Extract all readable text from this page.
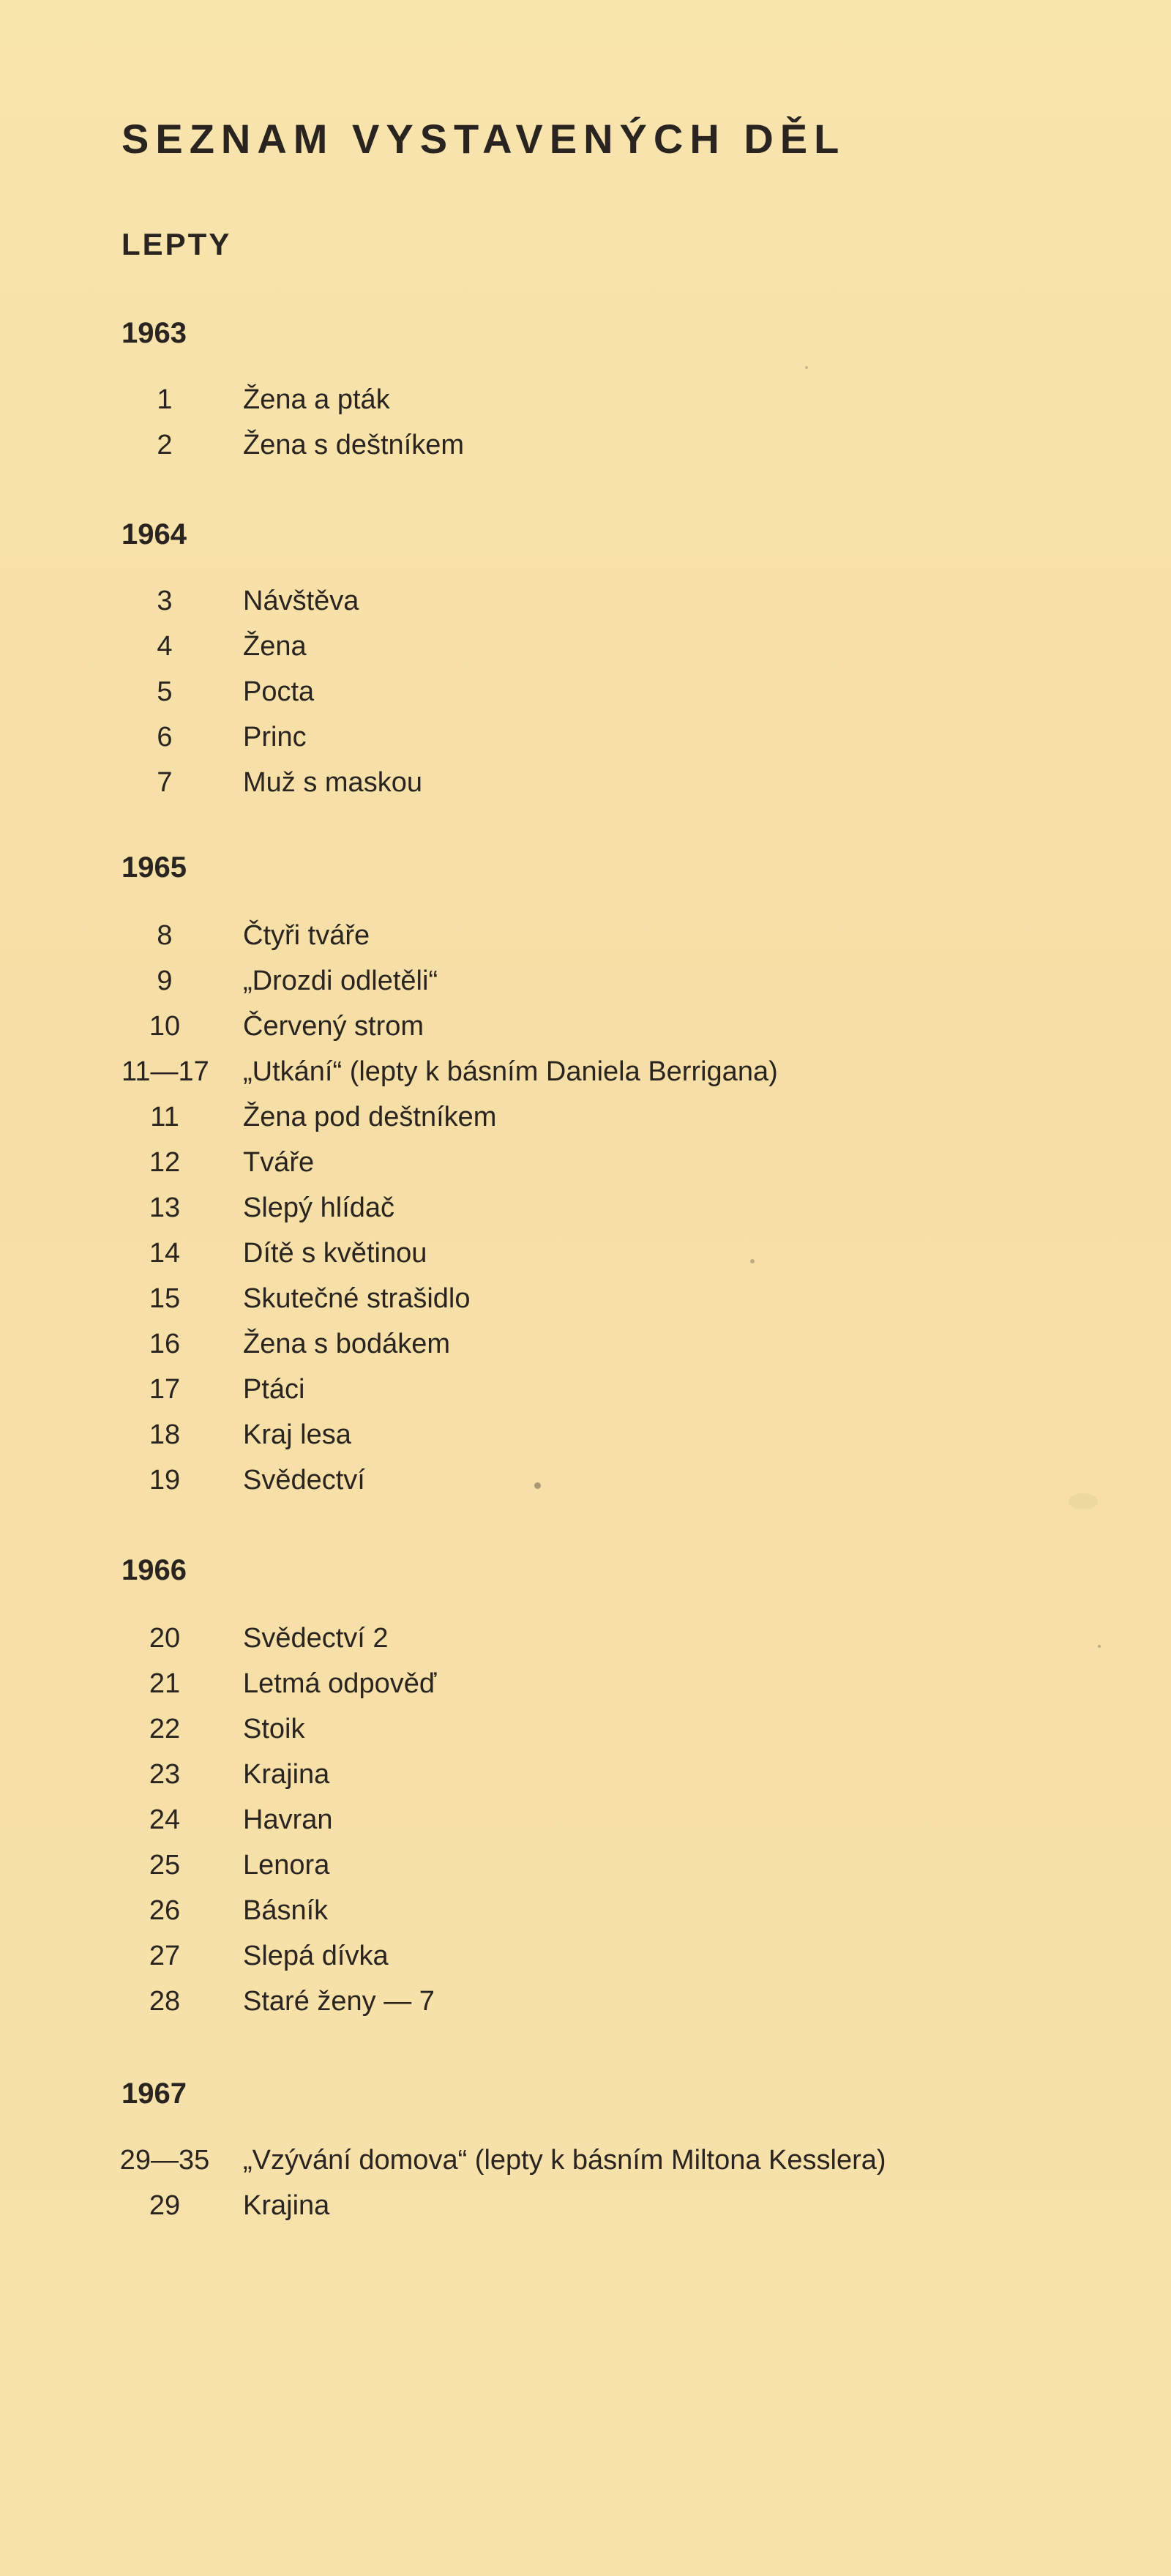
SEZNAM VYSTAVENÝCH DĚL
LEPTY
1963
1	Žena a pták
2	Žena s deštníkem
1964
3	Návštěva
4	Žena
5	Pocta
6	Princ
7	Muž s maskou
1965
8	Čtyři tváře
9	„Drozdi odletěli“
10	Červený strom
11—17	„Utkání“ (lepty k básním Daniela Berrigana)
11	Žena pod deštníkem
12	Tváře
13	Slepý hlídač
14	Dítě s květinou
15	Skutečné strašidlo
16	Žena s bodákem
17	Ptáci
18	Kraj lesa
19	Svědectví
1966
20	Svědectví 2
21	Letmá odpověď
22	Stoik
23	Krajina
24	Havran
25	Lenora
26	Básník
27	Slepá dívka
28	Staré ženy — 7
1967
29—35	„Vzývání domova“ (lepty k básním Miltona Kesslera)
29	Krajina
